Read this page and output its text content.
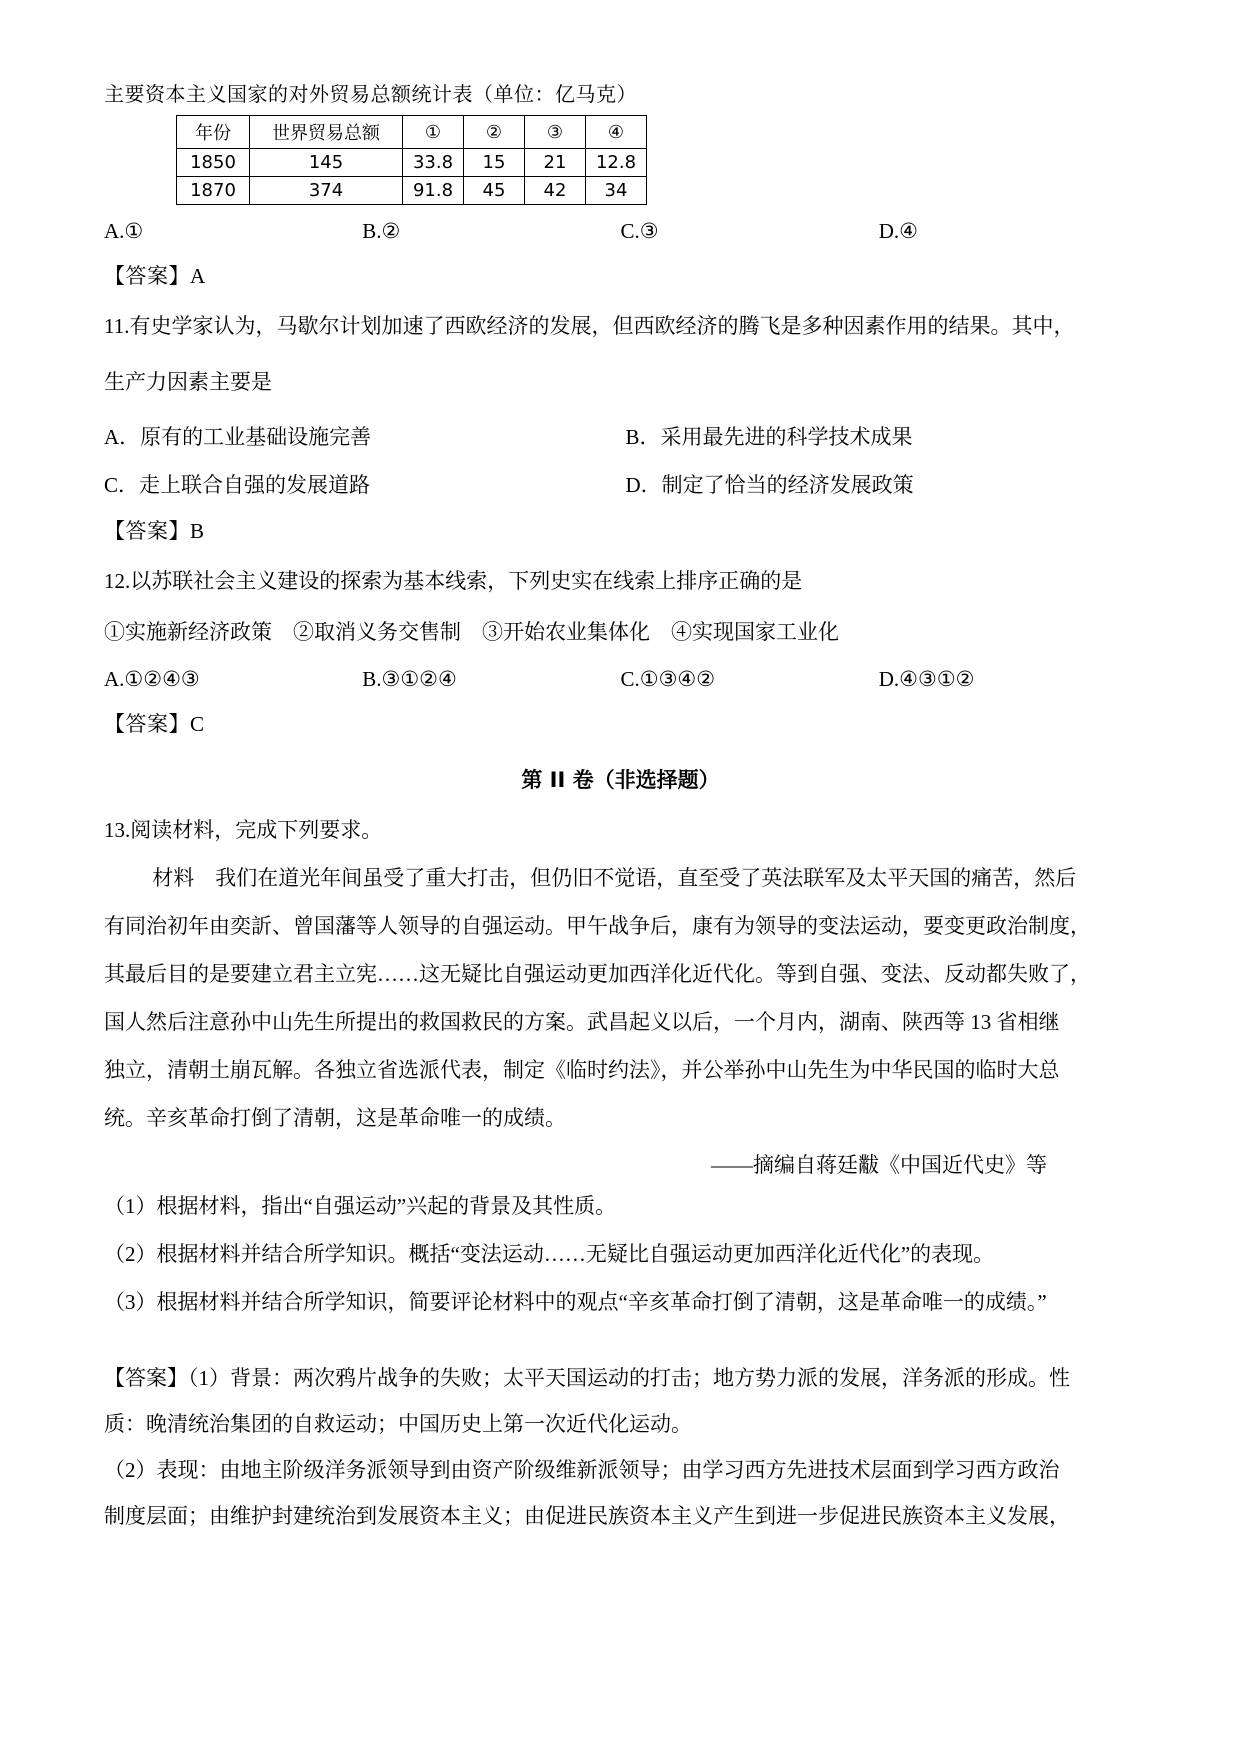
主要资本主义国家的对外贸易总额统计表（单位：亿马克）
年份	世界贸易总额	①	②	③	④
1850	145	33.8	15	21	12.8
1870	374	91.8	45	42	34
A.①	B.②	C.③	D.④
【答案】A
11.有史学家认为，马歇尔计划加速了西欧经济的发展，但西欧经济的腾飞是多种因素作用的结果。其中，
生产力因素主要是
A．原有的工业基础设施完善	B．采用最先进的科学技术成果
C．走上联合自强的发展道路	D．制定了恰当的经济发展政策
【答案】B
12.以苏联社会主义建设的探索为基本线索，下列史实在线索上排序正确的是
①实施新经济政策　②取消义务交售制　③开始农业集体化　④实现国家工业化
A.①②④③	B.③①②④	C.①③④②	D.④③①②
【答案】C
第 II 卷（非选择题）
13.阅读材料，完成下列要求。
材料 我们在道光年间虽受了重大打击，但仍旧不觉语，直至受了英法联军及太平天国的痛苦，然后
有同治初年由奕訢、曾国藩等人领导的自强运动。甲午战争后，康有为领导的变法运动，要变更政治制度，
其最后目的是要建立君主立宪……这无疑比自强运动更加西洋化近代化。等到自强、变法、反动都失败了，
国人然后注意孙中山先生所提出的救国救民的方案。武昌起义以后，一个月内，湖南、陕西等 13 省相继
独立，清朝土崩瓦解。各独立省选派代表，制定《临时约法》，并公举孙中山先生为中华民国的临时大总
统。辛亥革命打倒了清朝，这是革命唯一的成绩。
——摘编自蒋廷黻《中国近代史》等
（1）根据材料，指出“自强运动”兴起的背景及其性质。
（2）根据材料并结合所学知识。概括“变法运动……无疑比自强运动更加西洋化近代化”的表现。
（3）根据材料并结合所学知识，简要评论材料中的观点“辛亥革命打倒了清朝，这是革命唯一的成绩。”
【答案】（1）背景：两次鸦片战争的失败；太平天国运动的打击；地方势力派的发展，洋务派的形成。性
质：晚清统治集团的自救运动；中国历史上第一次近代化运动。
（2）表现：由地主阶级洋务派领导到由资产阶级维新派领导；由学习西方先进技术层面到学习西方政治
制度层面；由维护封建统治到发展资本主义；由促进民族资本主义产生到进一步促进民族资本主义发展，
